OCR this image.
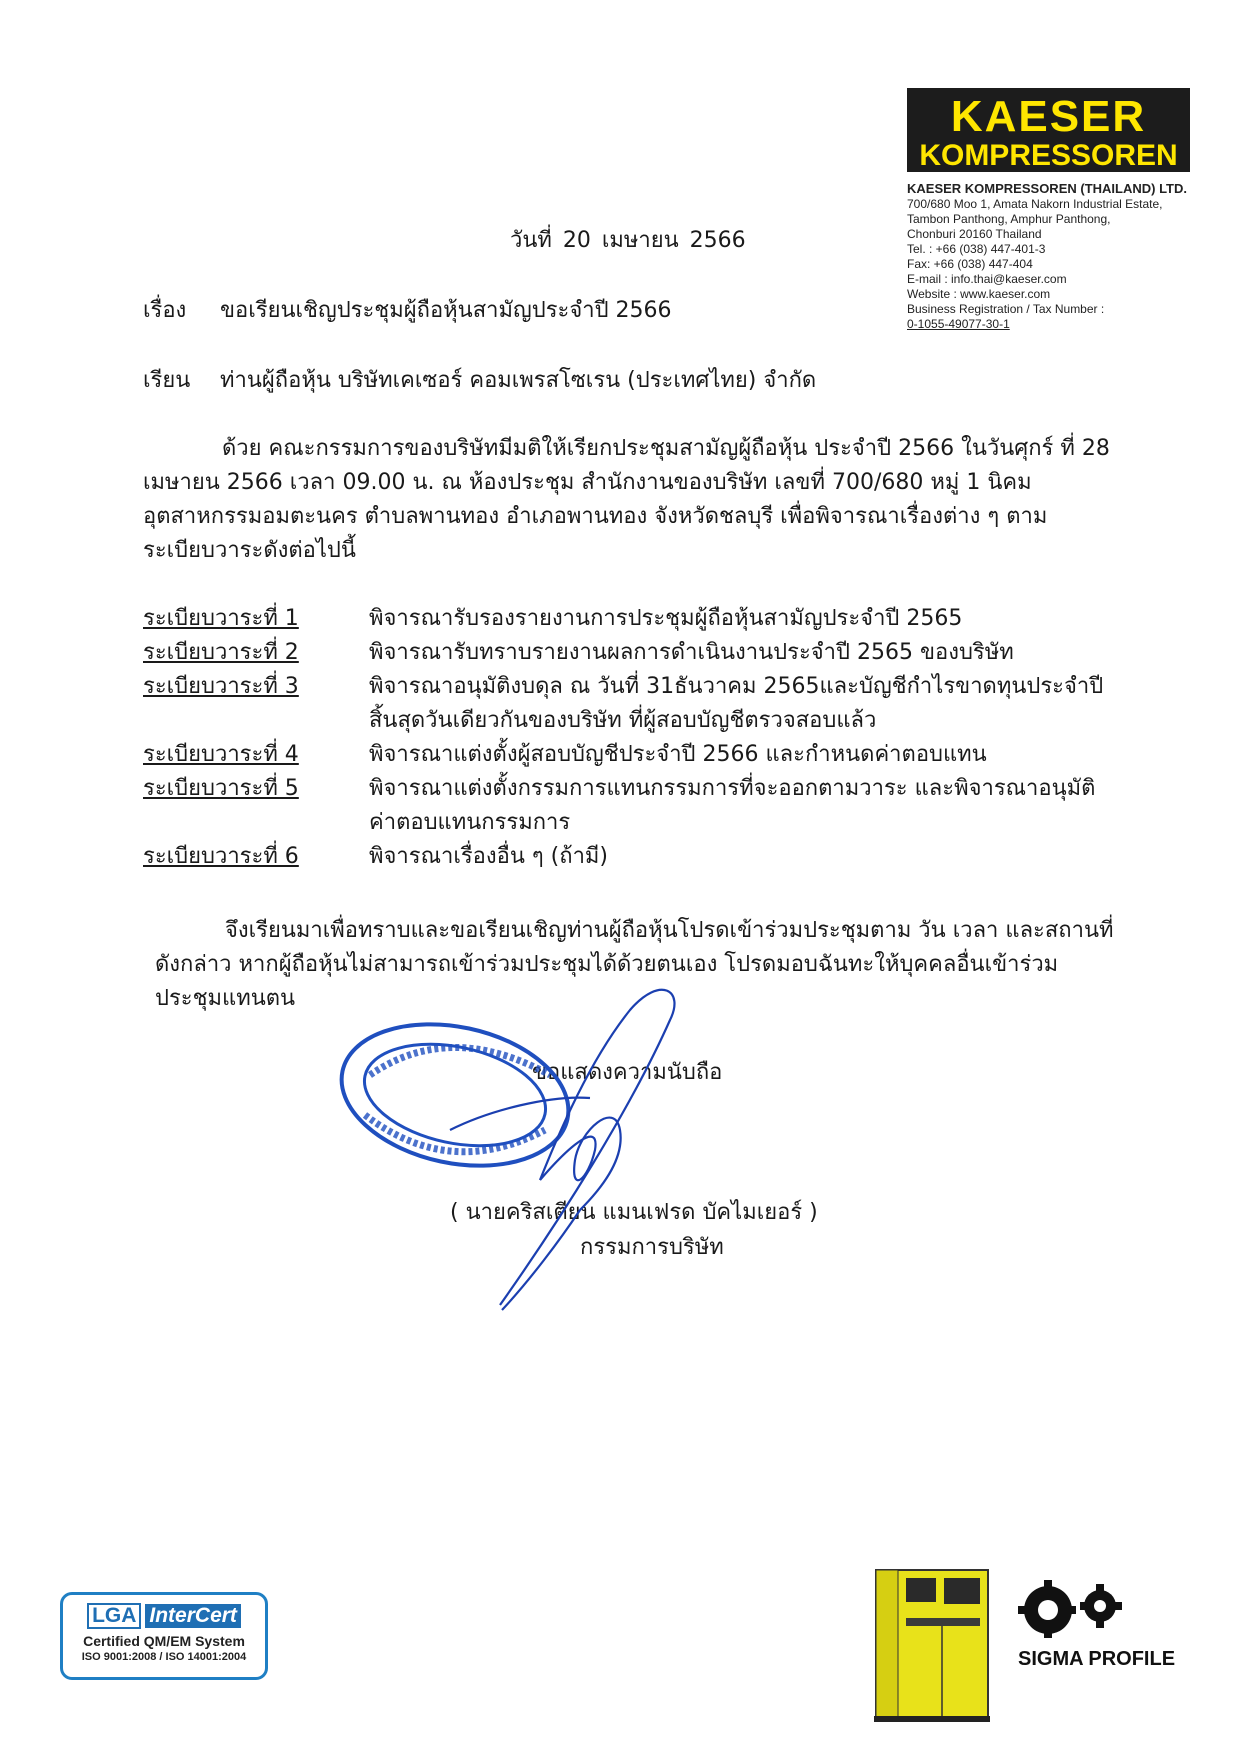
KAESER
KOMPRESSOREN
KAESER KOMPRESSOREN (THAILAND) LTD.
700/680 Moo 1, Amata Nakorn Industrial Estate,
Tambon Panthong, Amphur Panthong,
Chonburi 20160 Thailand
Tel. : +66 (038) 447-401-3
Fax: +66 (038) 447-404
E-mail : info.thai@kaeser.com
Website : www.kaeser.com
Business Registration / Tax Number :
0-1055-49077-30-1
วันที่ 20 เมษายน 2566
เรื่อง ขอเรียนเชิญประชุมผู้ถือหุ้นสามัญประจำปี 2566
เรียน ท่านผู้ถือหุ้น บริษัทเคเซอร์ คอมเพรสโซเรน (ประเทศไทย) จำกัด
ด้วย คณะกรรมการของบริษัทมีมติให้เรียกประชุมสามัญผู้ถือหุ้น ประจำปี 2566 ในวันศุกร์ ที่ 28 เมษายน 2566 เวลา 09.00 น. ณ ห้องประชุม สำนักงานของบริษัท เลขที่ 700/680 หมู่ 1 นิคมอุตสาหกรรมอมตะนคร ตำบลพานทอง อำเภอพานทอง จังหวัดชลบุรี เพื่อพิจารณาเรื่องต่าง ๆ ตามระเบียบวาระดังต่อไปนี้
ระเบียบวาระที่ 1	พิจารณารับรองรายงานการประชุมผู้ถือหุ้นสามัญประจำปี 2565
ระเบียบวาระที่ 2	พิจารณารับทราบรายงานผลการดำเนินงานประจำปี 2565 ของบริษัท
ระเบียบวาระที่ 3	พิจารณาอนุมัติงบดุล ณ วันที่ 31ธันวาคม 2565และบัญชีกำไรขาดทุนประจำปี สิ้นสุดวันเดียวกันของบริษัท ที่ผู้สอบบัญชีตรวจสอบแล้ว
ระเบียบวาระที่ 4	พิจารณาแต่งตั้งผู้สอบบัญชีประจำปี 2566 และกำหนดค่าตอบแทน
ระเบียบวาระที่ 5	พิจารณาแต่งตั้งกรรมการแทนกรรมการที่จะออกตามวาระ และพิจารณาอนุมัติค่าตอบแทนกรรมการ
ระเบียบวาระที่ 6	พิจารณาเรื่องอื่น ๆ (ถ้ามี)
จึงเรียนมาเพื่อทราบและขอเรียนเชิญท่านผู้ถือหุ้นโปรดเข้าร่วมประชุมตาม วัน เวลา และสถานที่ดังกล่าว หากผู้ถือหุ้นไม่สามารถเข้าร่วมประชุมได้ด้วยตนเอง โปรดมอบฉันทะให้บุคคลอื่นเข้าร่วมประชุมแทนตน
ขอแสดงความนับถือ
( นายคริสเตียน แมนเฟรด บัคไมเยอร์ )
กรรมการบริษัท
LGA InterCert
Certified QM/EM System
ISO 9001:2008 / ISO 14001:2004	SIGMA PROFILE
